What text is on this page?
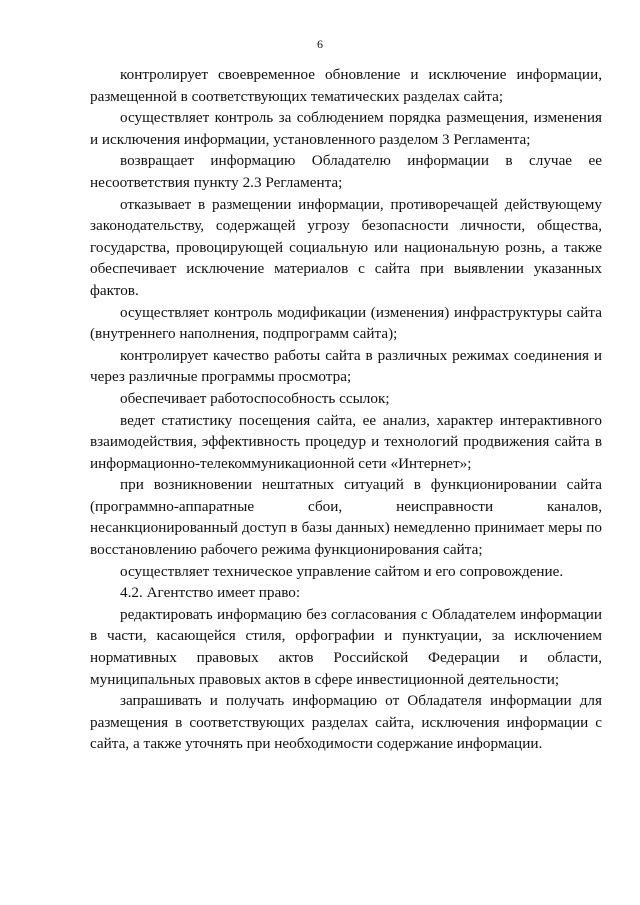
6

контролирует своевременное обновление и исключение информации, размещенной в соответствующих тематических разделах сайта;

осуществляет контроль за соблюдением порядка размещения, изменения и исключения информации, установленного разделом 3 Регламента;

возвращает информацию Обладателю информации в случае ее несоответствия пункту 2.3 Регламента;

отказывает в размещении информации, противоречащей действующему законодательству, содержащей угрозу безопасности личности, общества, государства, провоцирующей социальную или национальную рознь, а также обеспечивает исключение материалов с сайта при выявлении указанных фактов.

осуществляет контроль модификации (изменения) инфраструктуры сайта (внутреннего наполнения, подпрограмм сайта);

контролирует качество работы сайта в различных режимах соединения и через различные программы просмотра;

обеспечивает работоспособность ссылок;

ведет статистику посещения сайта, ее анализ, характер интерактивного взаимодействия, эффективность процедур и технологий продвижения сайта в информационно-телекоммуникационной сети «Интернет»;

при возникновении нештатных ситуаций в функционировании сайта (программно-аппаратные сбои, неисправности каналов, несанкционированный доступ в базы данных) немедленно принимает меры по восстановлению рабочего режима функционирования сайта;

осуществляет техническое управление сайтом и его сопровождение.

4.2. Агентство имеет право:

редактировать информацию без согласования с Обладателем информации в части, касающейся стиля, орфографии и пунктуации, за исключением нормативных правовых актов Российской Федерации и области, муниципальных правовых актов в сфере инвестиционной деятельности;

запрашивать и получать информацию от Обладателя информации для размещения в соответствующих разделах сайта, исключения информации с сайта, а также уточнять при необходимости содержание информации.
